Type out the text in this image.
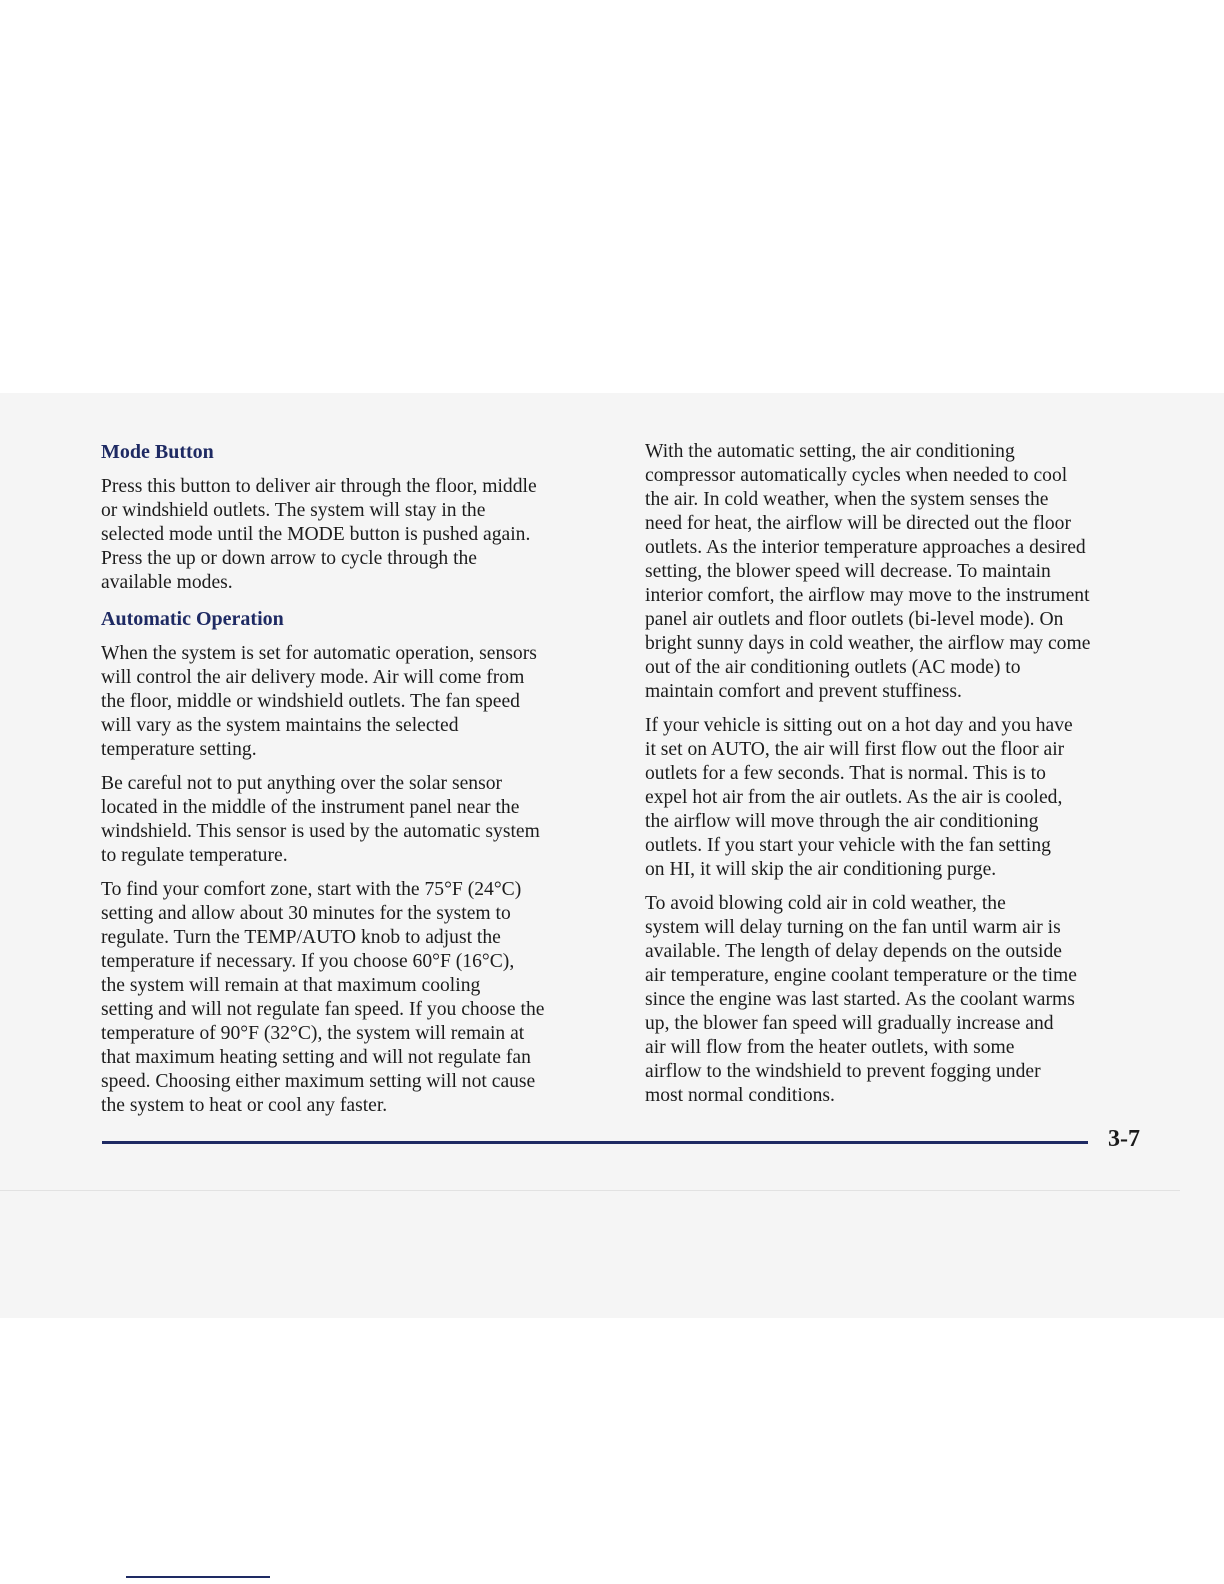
Mode Button

Press this button to deliver air through the floor, middle
or windshield outlets. The system will stay in the
selected mode until the MODE button is pushed again.
Press the up or down arrow to cycle through the
available modes.

Automatic Operation

When the system is set for automatic operation, sensors
will control the air delivery mode. Air will come from
the floor, middle or windshield outlets. The fan speed
will vary as the system maintains the selected
temperature setting.

Be careful not to put anything over the solar sensor
located in the middle of the instrument panel near the
windshield. This sensor is used by the automatic system
to regulate temperature.

To find your comfort zone, start with the 75°F (24°C)
setting and allow about 30 minutes for the system to
regulate. Turn the TEMP/AUTO knob to adjust the
temperature if necessary. If you choose 60°F (16°C),
the system will remain at that maximum cooling
setting and will not regulate fan speed. If you choose the
temperature of 90°F (32°C), the system will remain at
that maximum heating setting and will not regulate fan
speed. Choosing either maximum setting will not cause
the system to heat or cool any faster.

With the automatic setting, the air conditioning
compressor automatically cycles when needed to cool
the air. In cold weather, when the system senses the
need for heat, the airflow will be directed out the floor
outlets. As the interior temperature approaches a desired
setting, the blower speed will decrease. To maintain
interior comfort, the airflow may move to the instrument
panel air outlets and floor outlets (bi-level mode). On
bright sunny days in cold weather, the airflow may come
out of the air conditioning outlets (AC mode) to
maintain comfort and prevent stuffiness.

If your vehicle is sitting out on a hot day and you have
it set on AUTO, the air will first flow out the floor air
outlets for a few seconds. That is normal. This is to
expel hot air from the air outlets. As the air is cooled,
the airflow will move through the air conditioning
outlets. If you start your vehicle with the fan setting
on HI, it will skip the air conditioning purge.

To avoid blowing cold air in cold weather, the
system will delay turning on the fan until warm air is
available. The length of delay depends on the outside
air temperature, engine coolant temperature or the time
since the engine was last started. As the coolant warms
up, the blower fan speed will gradually increase and
air will flow from the heater outlets, with some
airflow to the windshield to prevent fogging under
most normal conditions.

3-7
